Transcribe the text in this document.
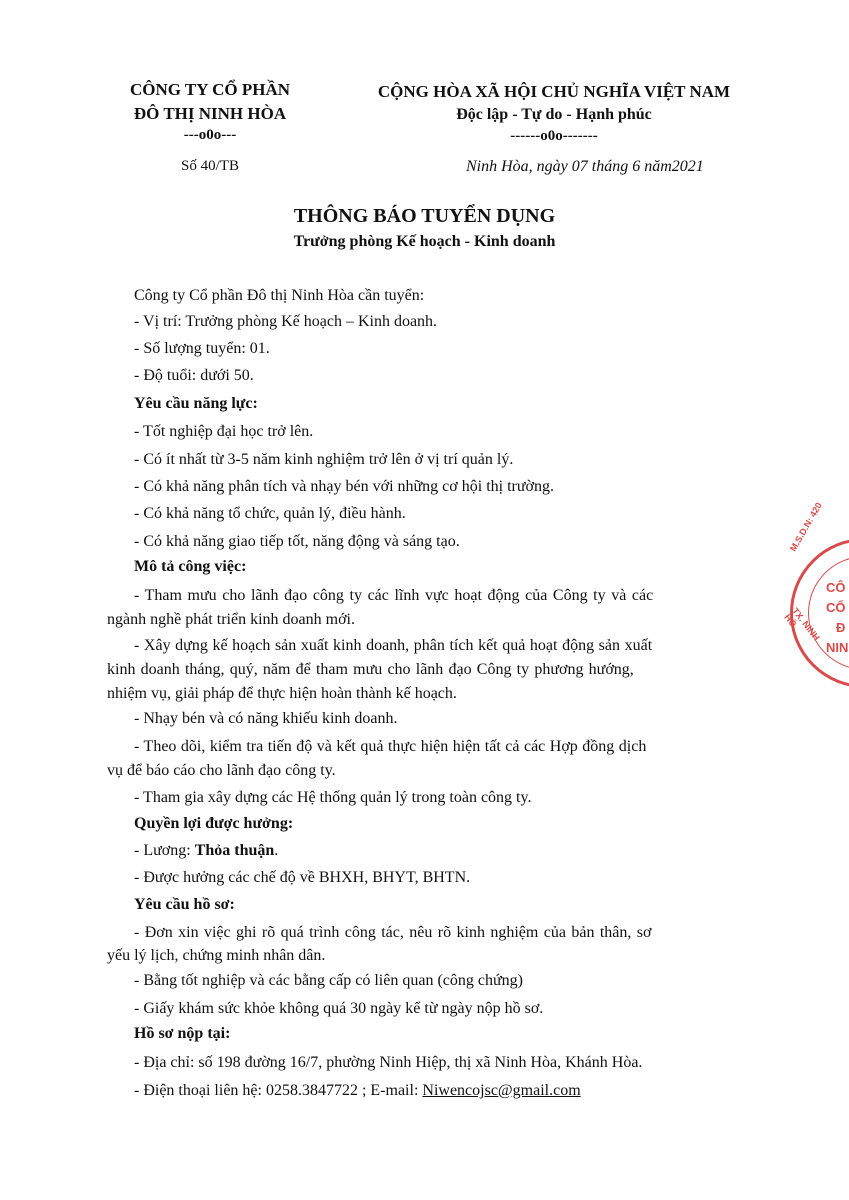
CÔNG TY CỔ PHẦN
ĐÔ THỊ NINH HÒA
---o0o---
Số 40/TB
CỘNG HÒA XÃ HỘI CHỦ NGHĨA VIỆT NAM
Độc lập - Tự do - Hạnh phúc
------o0o-------
Ninh Hòa, ngày 07 tháng 6 năm2021
THÔNG BÁO TUYỂN DỤNG
Trưởng phòng Kế hoạch - Kinh doanh
Công ty Cổ phần Đô thị Ninh Hòa cần tuyển:
- Vị trí: Trưởng phòng Kế hoạch – Kinh doanh.
- Số lượng tuyển: 01.
- Độ tuổi: dưới 50.
Yêu cầu năng lực:
- Tốt nghiệp đại học trở lên.
- Có ít nhất từ 3-5 năm kinh nghiệm trở lên ở vị trí quản lý.
- Có khả năng phân tích và nhạy bén với những cơ hội thị trường.
- Có khả năng tổ chức, quản lý, điều hành.
- Có khả năng giao tiếp tốt, năng động và sáng tạo.
Mô tả công việc:
- Tham mưu cho lãnh đạo công ty các lĩnh vực hoạt động của Công ty và các
ngành nghề phát triển kinh doanh mới.
- Xây dựng kế hoạch sản xuất kinh doanh, phân tích kết quả hoạt động sản xuất
kinh doanh tháng, quý, năm để tham mưu cho lãnh đạo Công ty phương hướng,
nhiệm vụ, giải pháp để thực hiện hoàn thành kế hoạch.
- Nhạy bén và có năng khiếu kinh doanh.
- Theo dõi, kiểm tra tiến độ và kết quả thực hiện hiện tất cả các Hợp đồng dịch
vụ để báo cáo cho lãnh đạo công ty.
- Tham gia xây dựng các Hệ thống quản lý trong toàn công ty.
Quyền lợi được hưởng:
- Lương: Thỏa thuận.
- Được hưởng các chế độ về BHXH, BHYT, BHTN.
Yêu cầu hồ sơ:
- Đơn xin việc ghi rõ quá trình công tác, nêu rõ kinh nghiệm của bản thân, sơ
yếu lý lịch, chứng minh nhân dân.
- Bằng tốt nghiệp và các bằng cấp có liên quan (công chứng)
- Giấy khám sức khỏe không quá 30 ngày kể từ ngày nộp hồ sơ.
Hồ sơ nộp tại:
- Địa chỉ: số 198 đường 16/7, phường Ninh Hiệp, thị xã Ninh Hòa, Khánh Hòa.
- Điện thoại liên hệ: 0258.3847722 ; E-mail: Niwencojsc@gmail.com
CÔ
CỔ
Đ
NIN
M.S.D.N: 420
TX. NINH HÒ
